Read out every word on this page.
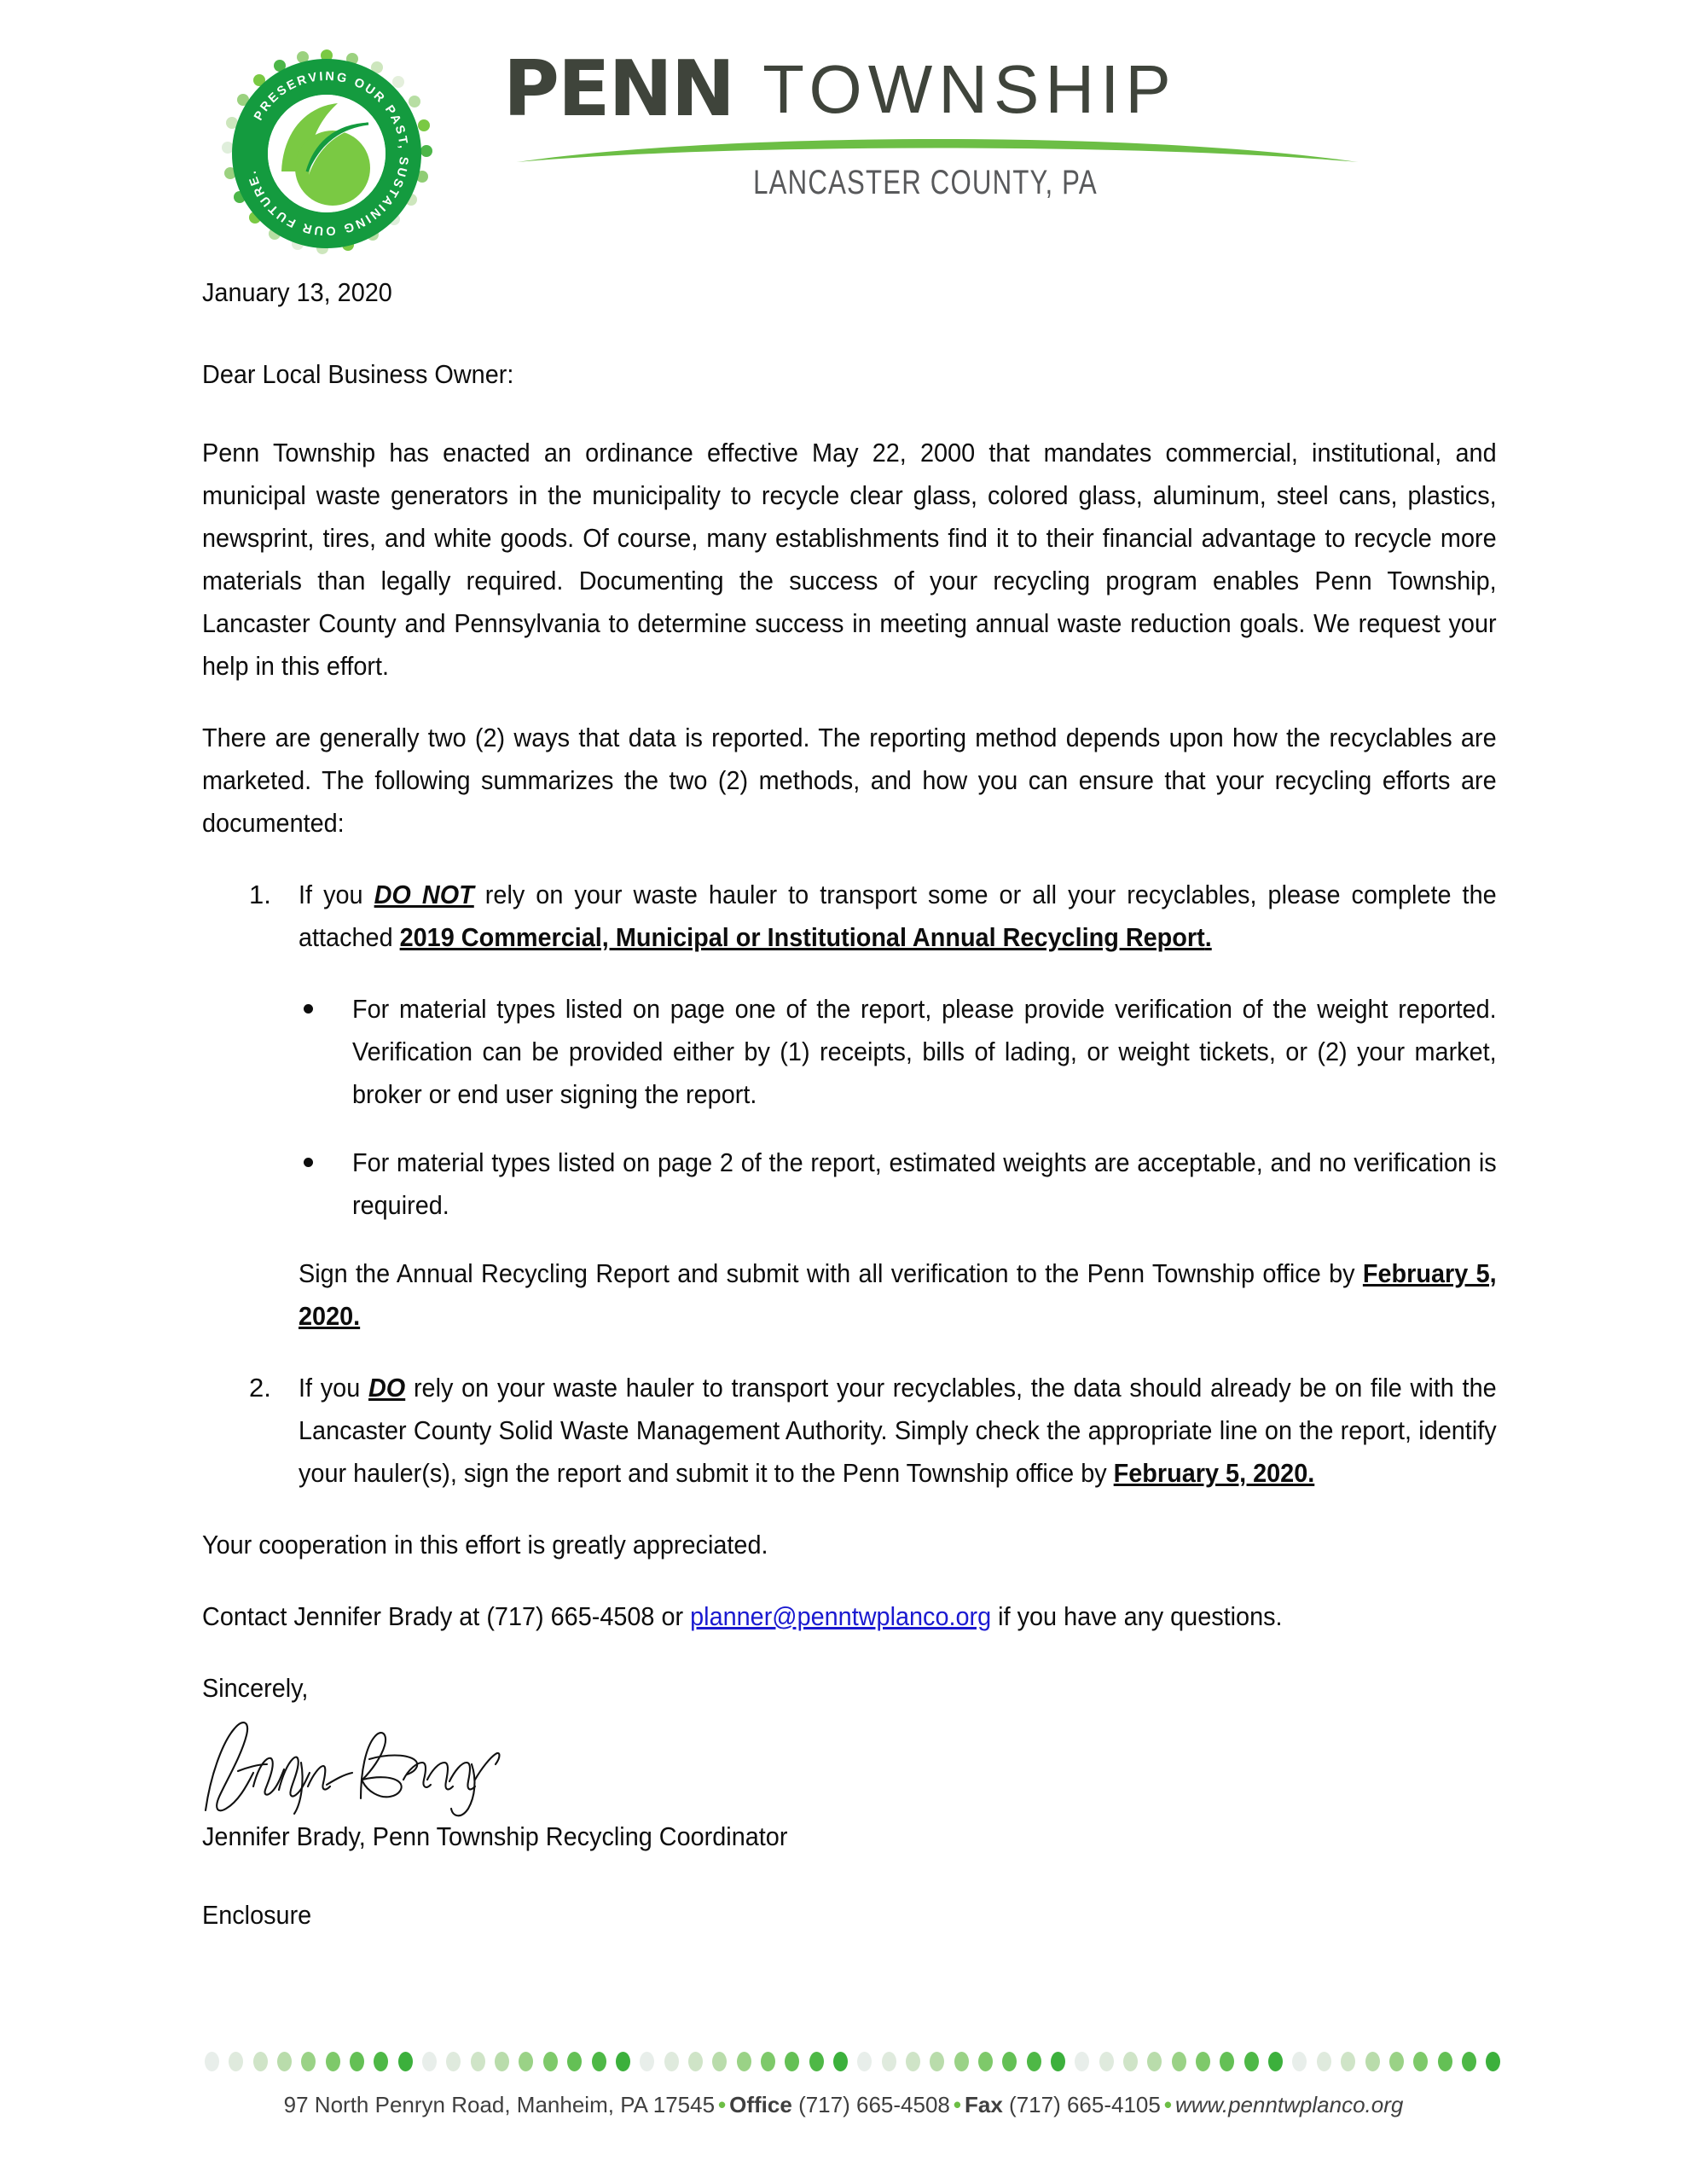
PRESERVING OUR PAST, SUSTAINING OUR FUTURE.
PENN TOWNSHIP
LANCASTER COUNTY, PA

January 13, 2020

Dear Local Business Owner:

Penn Township has enacted an ordinance effective May 22, 2000 that mandates commercial, institutional, and municipal waste generators in the municipality to recycle clear glass, colored glass, aluminum, steel cans, plastics, newsprint, tires, and white goods. Of course, many establishments find it to their financial advantage to recycle more materials than legally required. Documenting the success of your recycling program enables Penn Township, Lancaster County and Pennsylvania to determine success in meeting annual waste reduction goals. We request your help in this effort.

There are generally two (2) ways that data is reported. The reporting method depends upon how the recyclables are marketed. The following summarizes the two (2) methods, and how you can ensure that your recycling efforts are documented:

1.	If you DO NOT rely on your waste hauler to transport some or all your recyclables, please complete the attached 2019 Commercial, Municipal or Institutional Annual Recycling Report.

For material types listed on page one of the report, please provide verification of the weight reported. Verification can be provided either by (1) receipts, bills of lading, or weight tickets, or (2) your market, broker or end user signing the report.

For material types listed on page 2 of the report, estimated weights are acceptable, and no verification is required.

Sign the Annual Recycling Report and submit with all verification to the Penn Township office by February 5, 2020.

2.	If you DO rely on your waste hauler to transport your recyclables, the data should already be on file with the Lancaster County Solid Waste Management Authority. Simply check the appropriate line on the report, identify your hauler(s), sign the report and submit it to the Penn Township office by February 5, 2020.

Your cooperation in this effort is greatly appreciated.

Contact Jennifer Brady at (717) 665-4508 or planner@penntwplanco.org if you have any questions.

Sincerely,

Jennifer Brady, Penn Township Recycling Coordinator

Enclosure

97 North Penryn Road, Manheim, PA 17545 • Office (717) 665-4508 • Fax (717) 665-4105 • www.penntwplanco.org
